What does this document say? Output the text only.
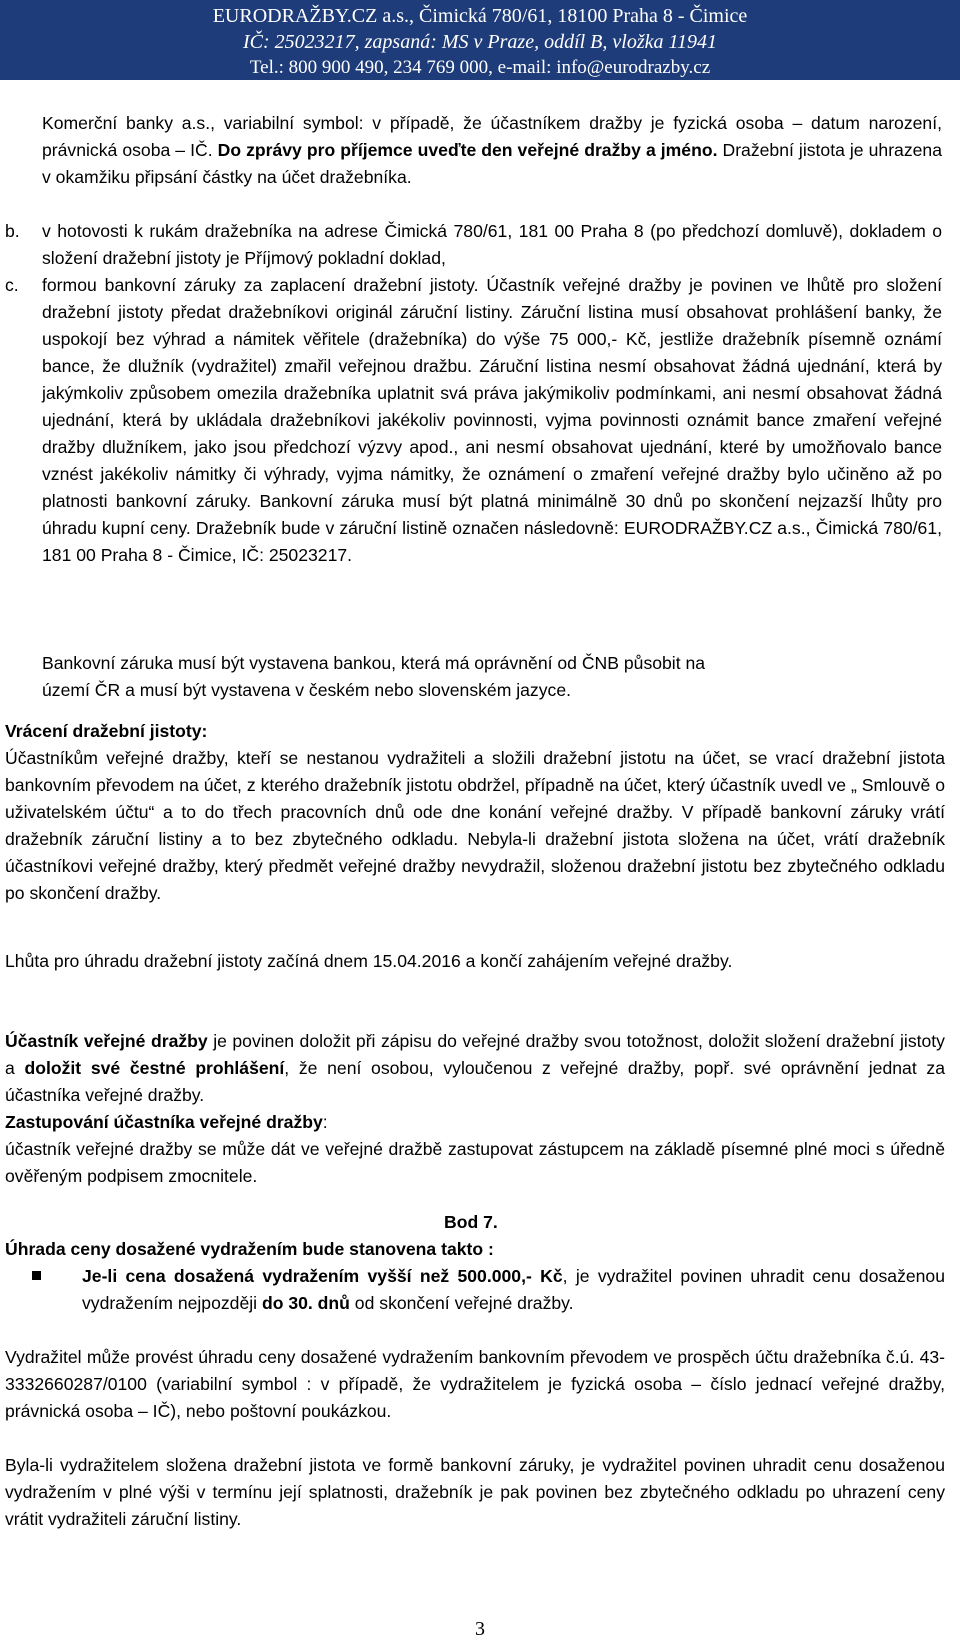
EURODRAŽBY.CZ a.s., Čimická 780/61, 18100 Praha 8 - Čimice
IČ: 25023217, zapsaná: MS v Praze, oddíl B, vložka 11941
Tel.: 800 900 490, 234 769 000, e-mail: info@eurodrazby.cz
Komerční banky a.s., variabilní symbol: v případě, že účastníkem dražby je fyzická osoba – datum narození, právnická osoba – IČ. Do zprávy pro příjemce uveďte den veřejné dražby a jméno. Dražební jistota je uhrazena v okamžiku připsání částky na účet dražebníka.
b. v hotovosti k rukám dražebníka na adrese Čimická 780/61, 181 00 Praha 8 (po předchozí domluvě), dokladem o složení dražební jistoty je Příjmový pokladní doklad,
c. formou bankovní záruky za zaplacení dražební jistoty. Účastník veřejné dražby je povinen ve lhůtě pro složení dražební jistoty předat dražebníkovi originál záruční listiny. Záruční listina musí obsahovat prohlášení banky, že uspokojí bez výhrad a námitek věřitele (dražebníka) do výše 75 000,- Kč, jestliže dražebník písemně oznámí bance, že dlužník (vydražitel) zmařil veřejnou dražbu. Záruční listina nesmí obsahovat žádná ujednání, která by jakýmkoliv způsobem omezila dražebníka uplatnit svá práva jakýmikoliv podmínkami, ani nesmí obsahovat žádná ujednání, která by ukládala dražebníkovi jakékoliv povinnosti, vyjma povinnosti oznámit bance zmaření veřejné dražby dlužníkem, jako jsou předchozí výzvy apod., ani nesmí obsahovat ujednání, které by umožňovalo bance vznést jakékoliv námitky či výhrady, vyjma námitky, že oznámení o zmaření veřejné dražby bylo učiněno až po platnosti bankovní záruky. Bankovní záruka musí být platná minimálně 30 dnů po skončení nejzazší lhůty pro úhradu kupní ceny. Dražebník bude v záruční listině označen následovně: EURODRAŽBY.CZ a.s., Čimická 780/61, 181 00 Praha 8 - Čimice, IČ: 25023217.
Bankovní záruka musí být vystavena bankou, která má oprávnění od ČNB působit na
území ČR a musí být vystavena v českém nebo slovenském jazyce.
Vrácení dražební jistoty:
Účastníkům veřejné dražby, kteří se nestanou vydražiteli a složili dražební jistotu na účet, se vrací dražební jistota bankovním převodem na účet, z kterého dražebník jistotu obdržel, případně na účet, který účastník uvedl ve „ Smlouvě o uživatelském účtu“ a to do třech pracovních dnů ode dne konání veřejné dražby. V případě bankovní záruky vrátí dražebník záruční listiny a to bez zbytečného odkladu. Nebyla-li dražební jistota složena na účet, vrátí dražebník účastníkovi veřejné dražby, který předmět veřejné dražby nevydražil, složenou dražební jistotu bez zbytečného odkladu po skončení dražby.
Lhůta pro úhradu dražební jistoty začíná dnem 15.04.2016 a končí zahájením veřejné dražby.
Účastník veřejné dražby je povinen doložit při zápisu do veřejné dražby svou totožnost, doložit složení dražební jistoty a doložit své čestné prohlášení, že není osobou, vyloučenou z veřejné dražby, popř. své oprávnění jednat za účastníka veřejné dražby.
Zastupování účastníka veřejné dražby:
účastník veřejné dražby se může dát ve veřejné dražbě zastupovat zástupcem na základě písemné plné moci s úředně ověřeným podpisem zmocnitele.
Bod 7.
Úhrada ceny dosažené vydražením bude stanovena takto :
Je-li cena dosažená vydražením vyšší než 500.000,- Kč, je vydražitel povinen uhradit cenu dosaženou vydražením nejpozději do 30. dnů od skončení veřejné dražby.
Vydražitel může provést úhradu ceny dosažené vydražením bankovním převodem ve prospěch účtu dražebníka č.ú. 43-3332660287/0100 (variabilní symbol : v případě, že vydražitelem je fyzická osoba – číslo jednací veřejné dražby, právnická osoba – IČ), nebo poštovní poukázkou.
Byla-li vydražitelem složena dražební jistota ve formě bankovní záruky, je vydražitel povinen uhradit cenu dosaženou vydražením v plné výši v termínu její splatnosti, dražebník je pak povinen bez zbytečného odkladu po uhrazení ceny vrátit vydražiteli záruční listiny.
3
